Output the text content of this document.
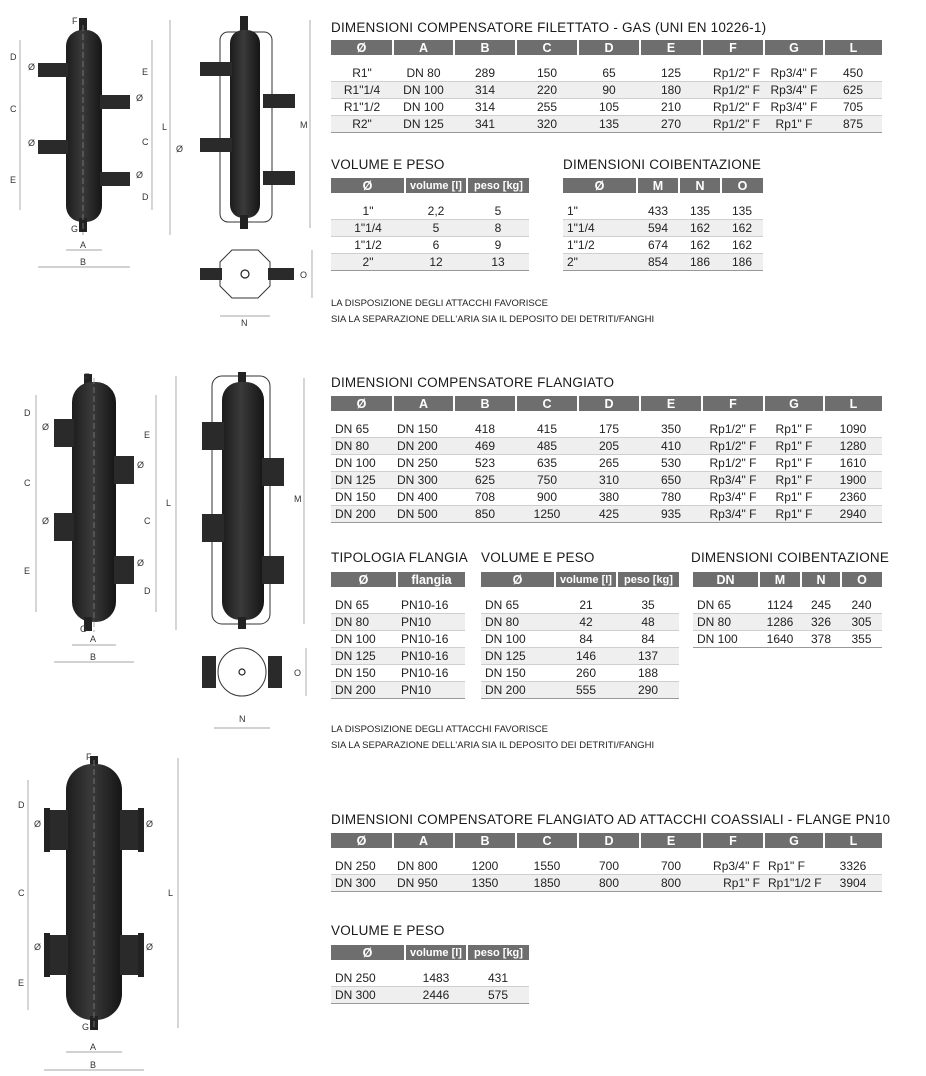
F
G
A
B
D
C
E
E
C
D
L
Ø
Ø
Ø
Ø
Ø
M
N
O
F
G
A
B
D
C
E
E
C
D
L
Ø
Ø
Ø
Ø
M
N
O
F
G
A
B
D
C
E
L
Ø	Ø
Ø	Ø
DIMENSIONI COMPENSATORE FILETTATO - GAS (UNI EN 10226-1)
Ø	A	B	C	D	E	F	G	L

R1"	DN 80	289	150	65	125	Rp1/2" F	Rp3/4" F	450
R1"1/4	DN 100	314	220	90	180	Rp1/2" F	Rp3/4" F	625
R1"1/2	DN 100	314	255	105	210	Rp1/2" F	Rp3/4" F	705
R2"	DN 125	341	320	135	270	Rp1/2" F	Rp1" F	875
VOLUME E PESO
Ø	volume [l]	peso [kg]

1"	2,2	5
1"1/4	5	8
1"1/2	6	9
2"	12	13
DIMENSIONI COIBENTAZIONE
Ø	M	N	O

1"	433	135	135
1"1/4	594	162	162
1"1/2	674	162	162
2"	854	186	186
LA DISPOSIZIONE DEGLI ATTACCHI FAVORISCE
SIA LA SEPARAZIONE DELL'ARIA SIA IL DEPOSITO DEI DETRITI/FANGHI
DIMENSIONI COMPENSATORE FLANGIATO
Ø	A	B	C	D	E	F	G	L

DN 65	DN 150	418	415	175	350	Rp1/2" F	Rp1" F	1090
DN 80	DN 200	469	485	205	410	Rp1/2" F	Rp1" F	1280
DN 100	DN 250	523	635	265	530	Rp1/2" F	Rp1" F	1610
DN 125	DN 300	625	750	310	650	Rp3/4" F	Rp1" F	1900
DN 150	DN 400	708	900	380	780	Rp3/4" F	Rp1" F	2360
DN 200	DN 500	850	1250	425	935	Rp3/4" F	Rp1" F	2940
TIPOLOGIA FLANGIA
Ø	flangia

DN 65	PN10-16
DN 80	PN10
DN 100	PN10-16
DN 125	PN10-16
DN 150	PN10-16
DN 200	PN10
VOLUME E PESO
Ø	volume [l]	peso [kg]

DN 65	21	35
DN 80	42	48
DN 100	84	84
DN 125	146	137
DN 150	260	188
DN 200	555	290
DIMENSIONI COIBENTAZIONE
DN	M	N	O

DN 65	1124	245	240
DN 80	1286	326	305
DN 100	1640	378	355
LA DISPOSIZIONE DEGLI ATTACCHI FAVORISCE
SIA LA SEPARAZIONE DELL'ARIA SIA IL DEPOSITO DEI DETRITI/FANGHI
DIMENSIONI COMPENSATORE FLANGIATO AD ATTACCHI COASSIALI - FLANGE PN10
Ø	A	B	C	D	E	F	G	L

DN 250	DN 800	1200	1550	700	700	Rp3/4" F	Rp1" F	3326
DN 300	DN 950	1350	1850	800	800	Rp1" F	Rp1"1/2 F	3904
VOLUME E PESO
Ø	volume [l]	peso [kg]

DN 250	1483	431
DN 300	2446	575
